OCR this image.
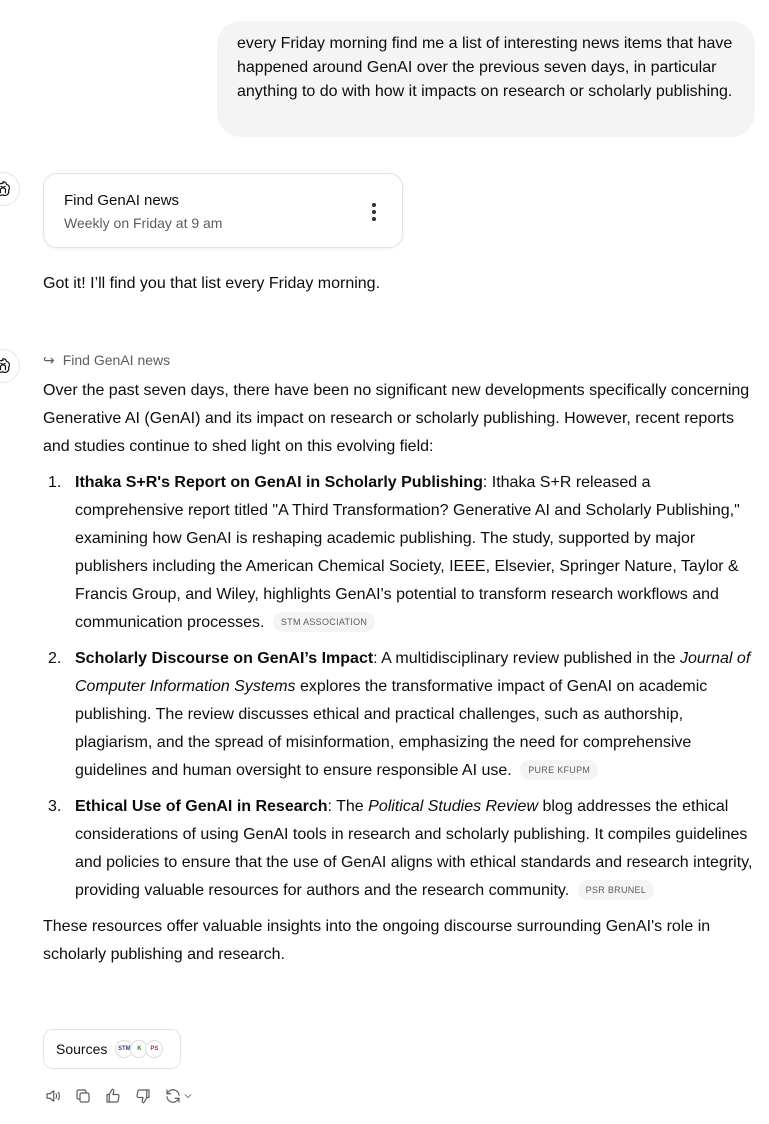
every Friday morning find me a list of interesting news items that have happened around GenAI over the previous seven days, in particular anything to do with how it impacts on research or scholarly publishing.
Find GenAI news
Weekly on Friday at 9 am
Got it! I’ll find you that list every Friday morning.
↪ Find GenAI news

Over the past seven days, there have been no significant new developments specifically concerning Generative AI (GenAI) and its impact on research or scholarly publishing. However, recent reports and studies continue to shed light on this evolving field:

1. Ithaka S+R's Report on GenAI in Scholarly Publishing: Ithaka S+R released a comprehensive report titled "A Third Transformation? Generative AI and Scholarly Publishing," examining how GenAI is reshaping academic publishing. The study, supported by major publishers including the American Chemical Society, IEEE, Elsevier, Springer Nature, Taylor & Francis Group, and Wiley, highlights GenAI's potential to transform research workflows and communication processes. STM ASSOCIATION
2. Scholarly Discourse on GenAI’s Impact: A multidisciplinary review published in the Journal of Computer Information Systems explores the transformative impact of GenAI on academic publishing. The review discusses ethical and practical challenges, such as authorship, plagiarism, and the spread of misinformation, emphasizing the need for comprehensive guidelines and human oversight to ensure responsible AI use. PURE KFUPM
3. Ethical Use of GenAI in Research: The Political Studies Review blog addresses the ethical considerations of using GenAI tools in research and scholarly publishing. It compiles guidelines and policies to ensure that the use of GenAI aligns with ethical standards and research integrity, providing valuable resources for authors and the research community. PSR BRUNEL

These resources offer valuable insights into the ongoing discourse surrounding GenAI's role in scholarly publishing and research.

Sources	STM	K	PS
